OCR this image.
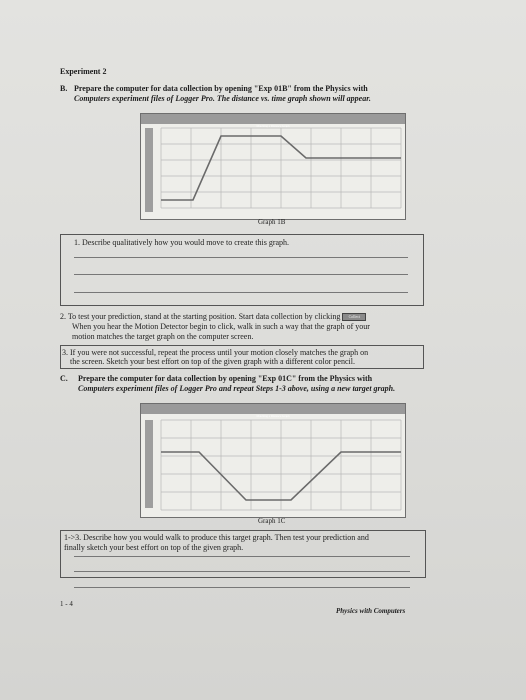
Experiment 2
B. Prepare the computer for data collection by opening "Exp 01B" from the Physics with
Computers experiment files of Logger Pro. The distance vs. time graph shown will appear.
Matching a Distance Graph
Graph 1B
1. Describe qualitatively how you would move to create this graph.
2. To test your prediction, stand at the starting position. Start data collection by clicking Collect
When you hear the Motion Detector begin to click, walk in such a way that the graph of your
motion matches the target graph on the computer screen.
3. If you were not successful, repeat the process until your motion closely matches the graph on
the screen. Sketch your best effort on top of the given graph with a different color pencil.
C. Prepare the computer for data collection by opening "Exp 01C" from the Physics with
Computers experiment files of Logger Pro and repeat Steps 1-3 above, using a new target graph.
Matching a Distance Graph
Graph 1C
1->3. Describe how you would walk to produce this target graph. Then test your prediction and
finally sketch your best effort on top of the given graph.
1 - 4
Physics with Computers
